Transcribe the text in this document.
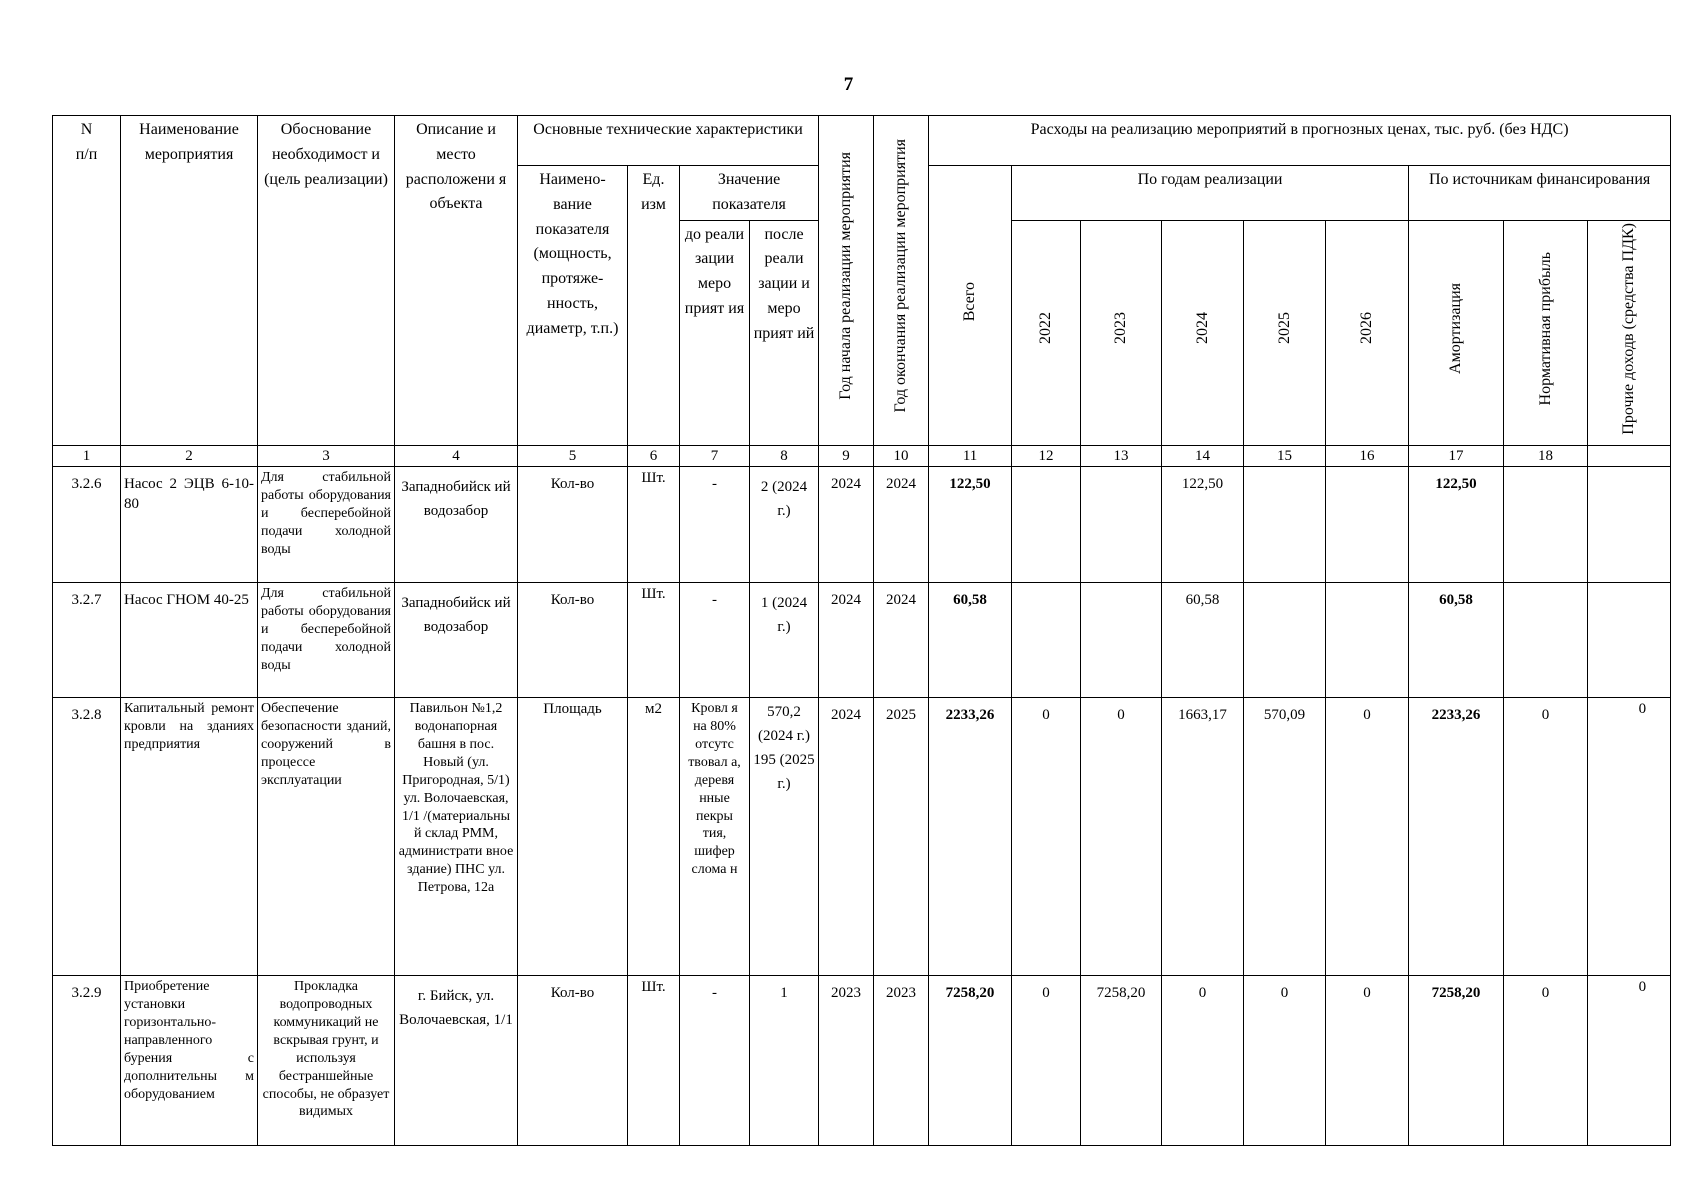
7
N
п/п	Наименование мероприятия	Обоснование необходимост и (цель реализации)	Описание и место расположени я объекта	Основные технические характеристики				Год начала реализации мероприятия	Год окончания реализации мероприятия	Расходы на реализацию мероприятий в прогнозных ценах, тыс. руб. (без НДС)								
				Наимено- вание показателя (мощность, протяже- нность, диаметр, т.п.)	Ед. изм	Значение показателя				Всего	По годам реализации					По источникам финансирования		
						до реали зации меро прият ия	после реали зации и меро прият ий				2022	2023	2024	2025	2026	Амортизация	Нормативная прибыль	Прочие доходв (средства ПДК)
1	2	3	4	5	6	7	8	9	10	11	12	13	14	15	16	17	18	
3.2.6	Насос 2 ЭЦВ 6-10-80	Для стабильной работы оборудования и бесперебойной подачи холодной воды	Западнобийск ий водозабор	Кол-во	Шт.	-	2 (2024 г.)	2024	2024	122,50			122,50			122,50		
3.2.7	Насос ГНОМ 40-25	Для стабильной работы оборудования и бесперебойной подачи холодной воды	Западнобийск ий водозабор	Кол-во	Шт.	-	1 (2024 г.)	2024	2024	60,58			60,58			60,58		
3.2.8	Капитальный ремонт кровли на зданиях предприятия	Обеспечение безопасности зданий, сооружений в процессе эксплуатации	Павильон №1,2 водонапорная башня в пос. Новый (ул. Пригородная, 5/1) ул. Волочаевская, 1/1 /(материальны й склад РММ, администрати вное здание) ПНС ул. Петрова, 12а	Площадь	м2	Кровл я на 80% отсутс твовал а, деревя нные пекры тия, шифер слома н	570,2 (2024 г.) 195 (2025 г.)	2024	2025	2233,26	0	0	1663,17	570,09	0	2233,26	0	0
3.2.9	Приобретение установки горизонтально- направленного бурения с дополнительны м оборудованием	Прокладка водопроводных коммуникаций не вскрывая грунт, и используя бестраншейные способы, не образует видимых	г. Бийск, ул. Волочаевская, 1/1	Кол-во	Шт.	-	1	2023	2023	7258,20	0	7258,20	0	0	0	7258,20	0	0
